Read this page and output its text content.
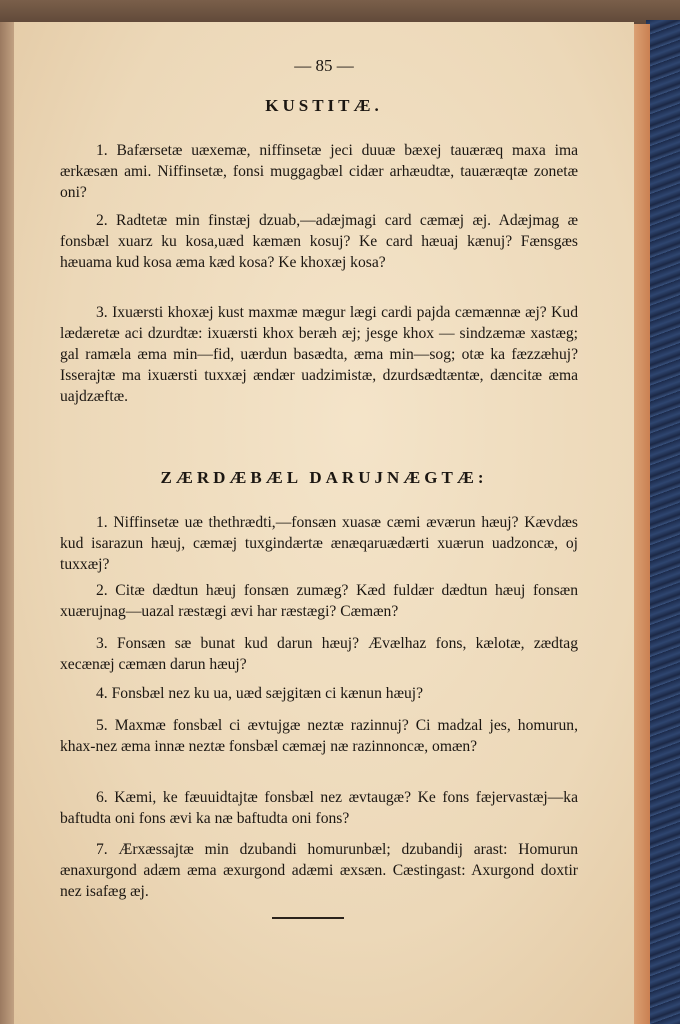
— 85 —
KUSTITÆ.
1. Bafærsetæ uæxemæ, niffinsetæ jeci duuæ bæxej tauæræq maxa ima ærkæsæn ami. Niffinsetæ, fonsi muggagbæl cidær arhæudtæ, tauæræqtæ zonetæ oni?
2. Radtetæ min finstæj dzuab,—adæjmagi card cæmæj æj. Adæjmag æ fonsbæl xuarz ku kosa,uæd kæmæn kosuj? Ke card hæuaj kænuj? Fænsgæs hæuama kud kosa æma kæd kosa? Ke khoxæj kosa?
3. Ixuærsti khoxæj kust maxmæ mægur lægi cardi pajda cæmænnæ æj? Kud lædæretæ aci dzurdtæ: ixuærsti khox beræh æj; jesge khox — sindzæmæ xastæg; gal ramæla æma min—fid, uærdun basædta, æma min—sog; otæ ka fæzzæhuj? Isserajtæ ma ixuærsti tuxxæj ændær uadzimistæ, dzurdsædtæntæ, dæncitæ æma uajdzæftæ.
ZÆRDÆBÆL DARUJNÆGTÆ:
1. Niffinsetæ uæ thethrædti,—fonsæn xuasæ cæmi æværun hæuj? Kævdæs kud isarazun hæuj, cæmæj tuxgindærtæ ænæqaruædærti xuærun uadzoncæ, oj tuxxæj?
2. Citæ dædtun hæuj fonsæn zumæg? Kæd fuldær dædtun hæuj fonsæn xuærujnag—uazal ræstægi ævi har ræstægi? Cæmæn?
3. Fonsæn sæ bunat kud darun hæuj? Ævælhaz fons, kælotæ, zædtag xecænæj cæmæn darun hæuj?
4. Fonsbæl nez ku ua, uæd sæjgitæn ci kænun hæuj?
5. Maxmæ fonsbæl ci ævtujgæ neztæ razinnuj? Ci madzal jes, homurun, khax-nez æma innæ neztæ fonsbæl cæmæj næ razinnoncæ, omæn?
6. Kæmi, ke fæuuidtajtæ fonsbæl nez ævtaugæ? Ke fons fæjervastæj—ka baftudta oni fons ævi ka næ baftudta oni fons?
7. Ærxæssajtæ min dzubandi homurunbæl; dzubandij arast: Homurun ænaxurgond adæm æma æxurgond adæmi æxsæn. Cæstingast: Axurgond doxtir nez isafæg æj.
